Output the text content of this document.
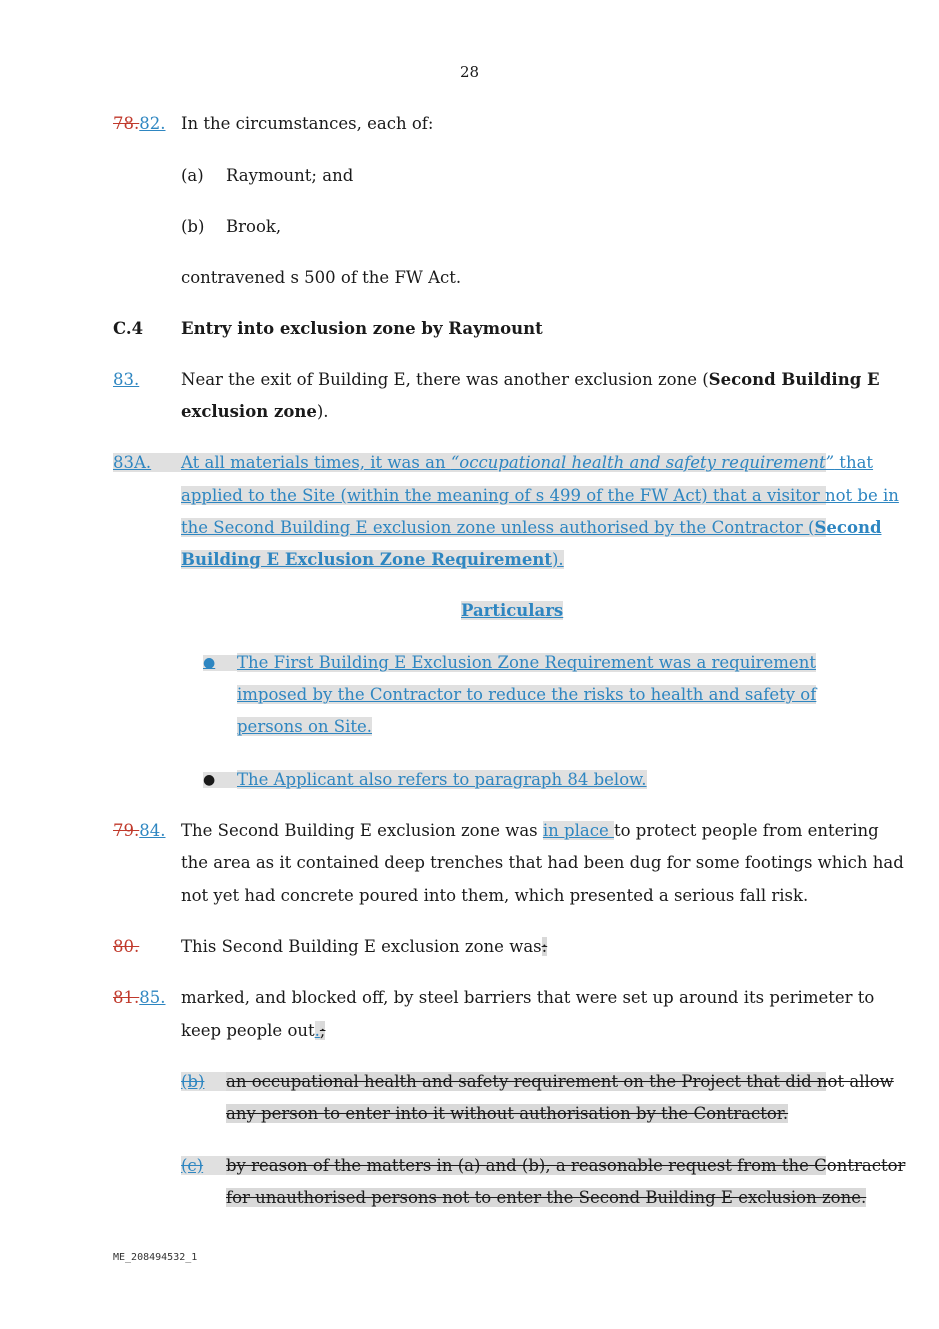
28
78.82. In the circumstances, each of:
(a) Raymount; and
(b) Brook,
contravened s 500 of the FW Act.
C.4 Entry into exclusion zone by Raymount
83.	Near the exit of Building E, there was another exclusion zone (Second Building E
exclusion zone).
83A.	At all materials times, it was an “occupational health and safety requirement” that
applied to the Site (within the meaning of s 499 of the FW Act) that a visitor not be in
the Second Building E exclusion zone unless authorised by the Contractor (Second
Building E Exclusion Zone Requirement).
Particulars
●	The First Building E Exclusion Zone Requirement was a requirement
imposed by the Contractor to reduce the risks to health and safety of
persons on Site.
●	The Applicant also refers to paragraph 84 below.
79.84. The Second Building E exclusion zone was in place to protect people from entering
the area as it contained deep trenches that had been dug for some footings which had
not yet had concrete poured into them, which presented a serious fall risk.
80.	This Second Building E exclusion zone was:
81.85. marked, and blocked off, by steel barriers that were set up around its perimeter to
keep people out.;
(b)	an occupational health and safety requirement on the Project that did not allow
any person to enter into it without authorisation by the Contractor.
(c)	by reason of the matters in (a) and (b), a reasonable request from the Contractor
for unauthorised persons not to enter the Second Building E exclusion zone.
ME_208494532_1
